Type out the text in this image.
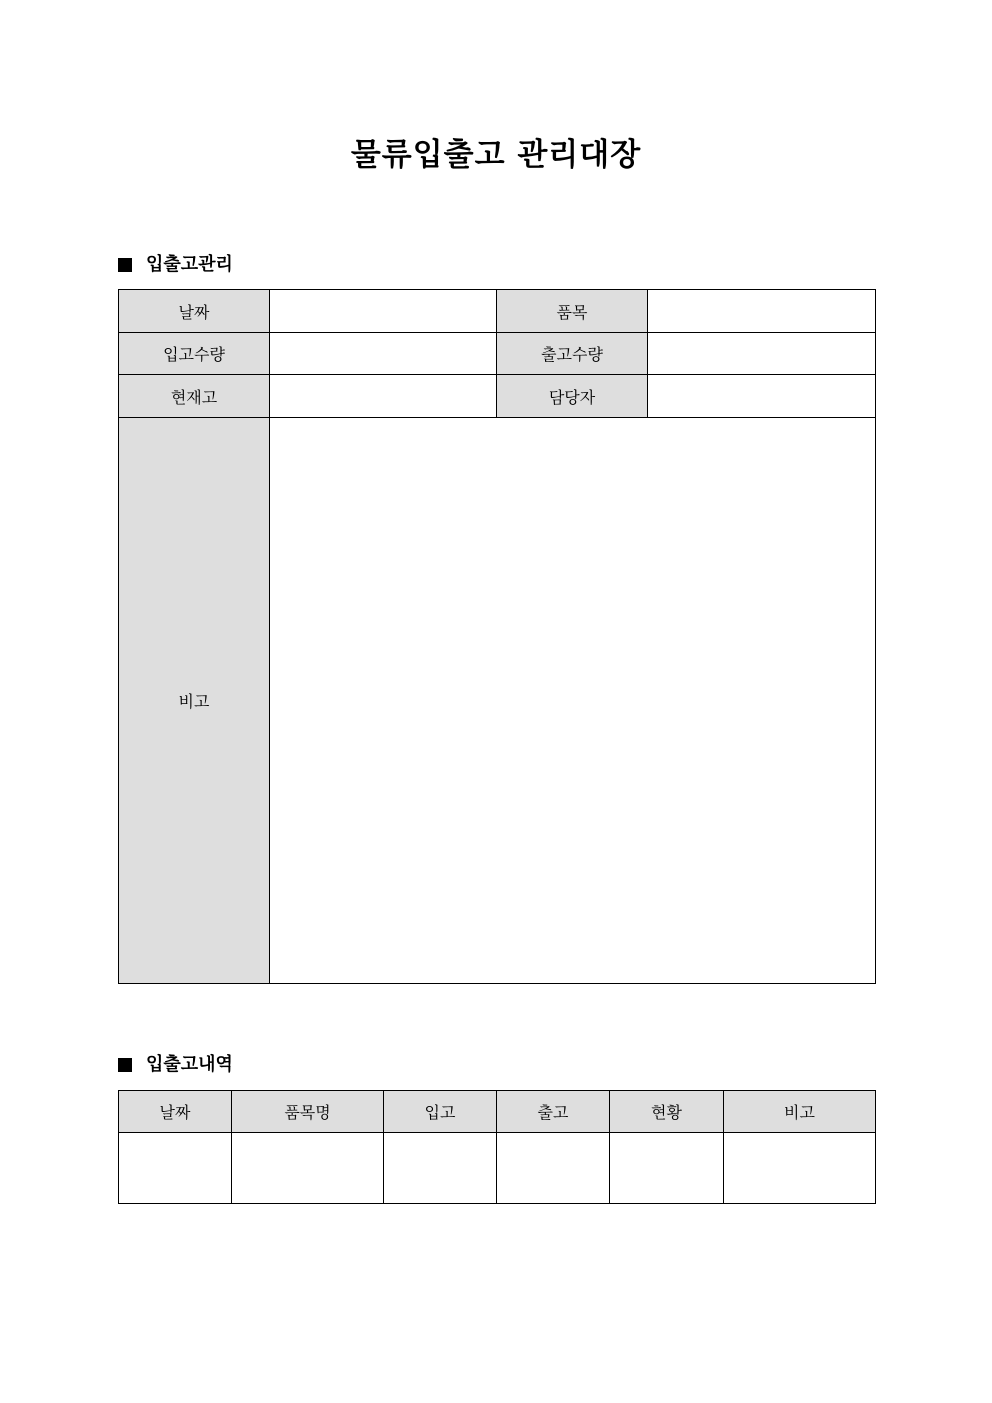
물류입출고 관리대장
입출고관리
날짜		품목	
입고수량		출고수량	
현재고		담당자	
비고			
입출고내역
날짜	품목명	입고	출고	현황	비고
